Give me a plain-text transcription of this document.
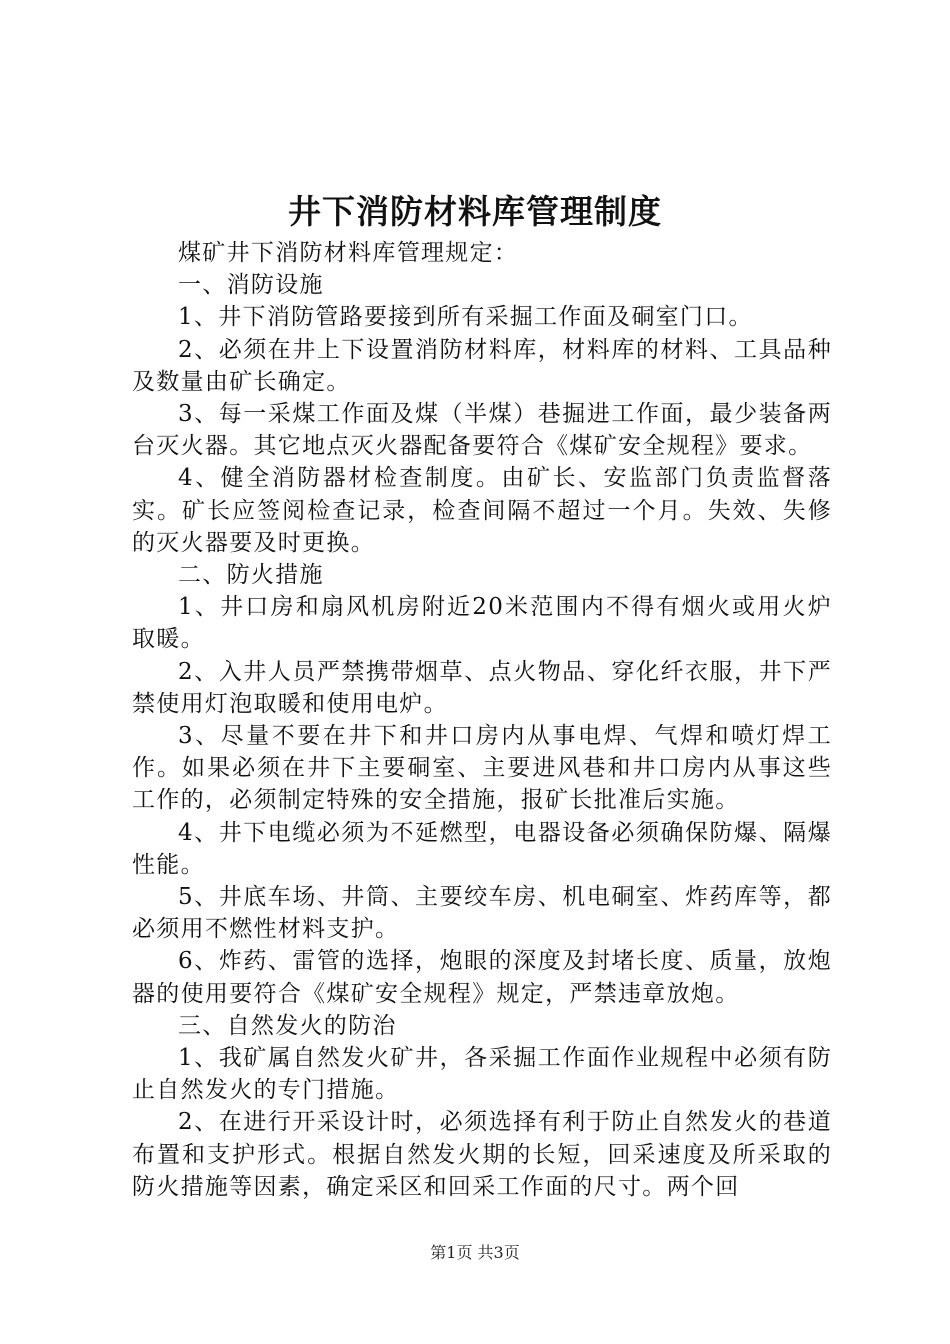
井下消防材料库管理制度

煤矿井下消防材料库管理规定：

一、消防设施

1、井下消防管路要接到所有采掘工作面及硐室门口。

2、必须在井上下设置消防材料库，材料库的材料、工具品种及数量由矿长确定。

3、每一采煤工作面及煤（半煤）巷掘进工作面，最少装备两台灭火器。其它地点灭火器配备要符合《煤矿安全规程》要求。

4、健全消防器材检查制度。由矿长、安监部门负责监督落实。矿长应签阅检查记录，检查间隔不超过一个月。失效、失修的灭火器要及时更换。

二、防火措施

1、井口房和扇风机房附近20米范围内不得有烟火或用火炉取暖。

2、入井人员严禁携带烟草、点火物品、穿化纤衣服，井下严禁使用灯泡取暖和使用电炉。

3、尽量不要在井下和井口房内从事电焊、气焊和喷灯焊工作。如果必须在井下主要硐室、主要进风巷和井口房内从事这些工作的，必须制定特殊的安全措施，报矿长批准后实施。

4、井下电缆必须为不延燃型，电器设备必须确保防爆、隔爆性能。

5、井底车场、井筒、主要绞车房、机电硐室、炸药库等，都必须用不燃性材料支护。

6、炸药、雷管的选择，炮眼的深度及封堵长度、质量，放炮器的使用要符合《煤矿安全规程》规定，严禁违章放炮。

三、自然发火的防治

1、我矿属自然发火矿井，各采掘工作面作业规程中必须有防止自然发火的专门措施。

2、在进行开采设计时，必须选择有利于防止自然发火的巷道布置和支护形式。根据自然发火期的长短，回采速度及所采取的防火措施等因素，确定采区和回采工作面的尺寸。两个回

第1页 共3页
